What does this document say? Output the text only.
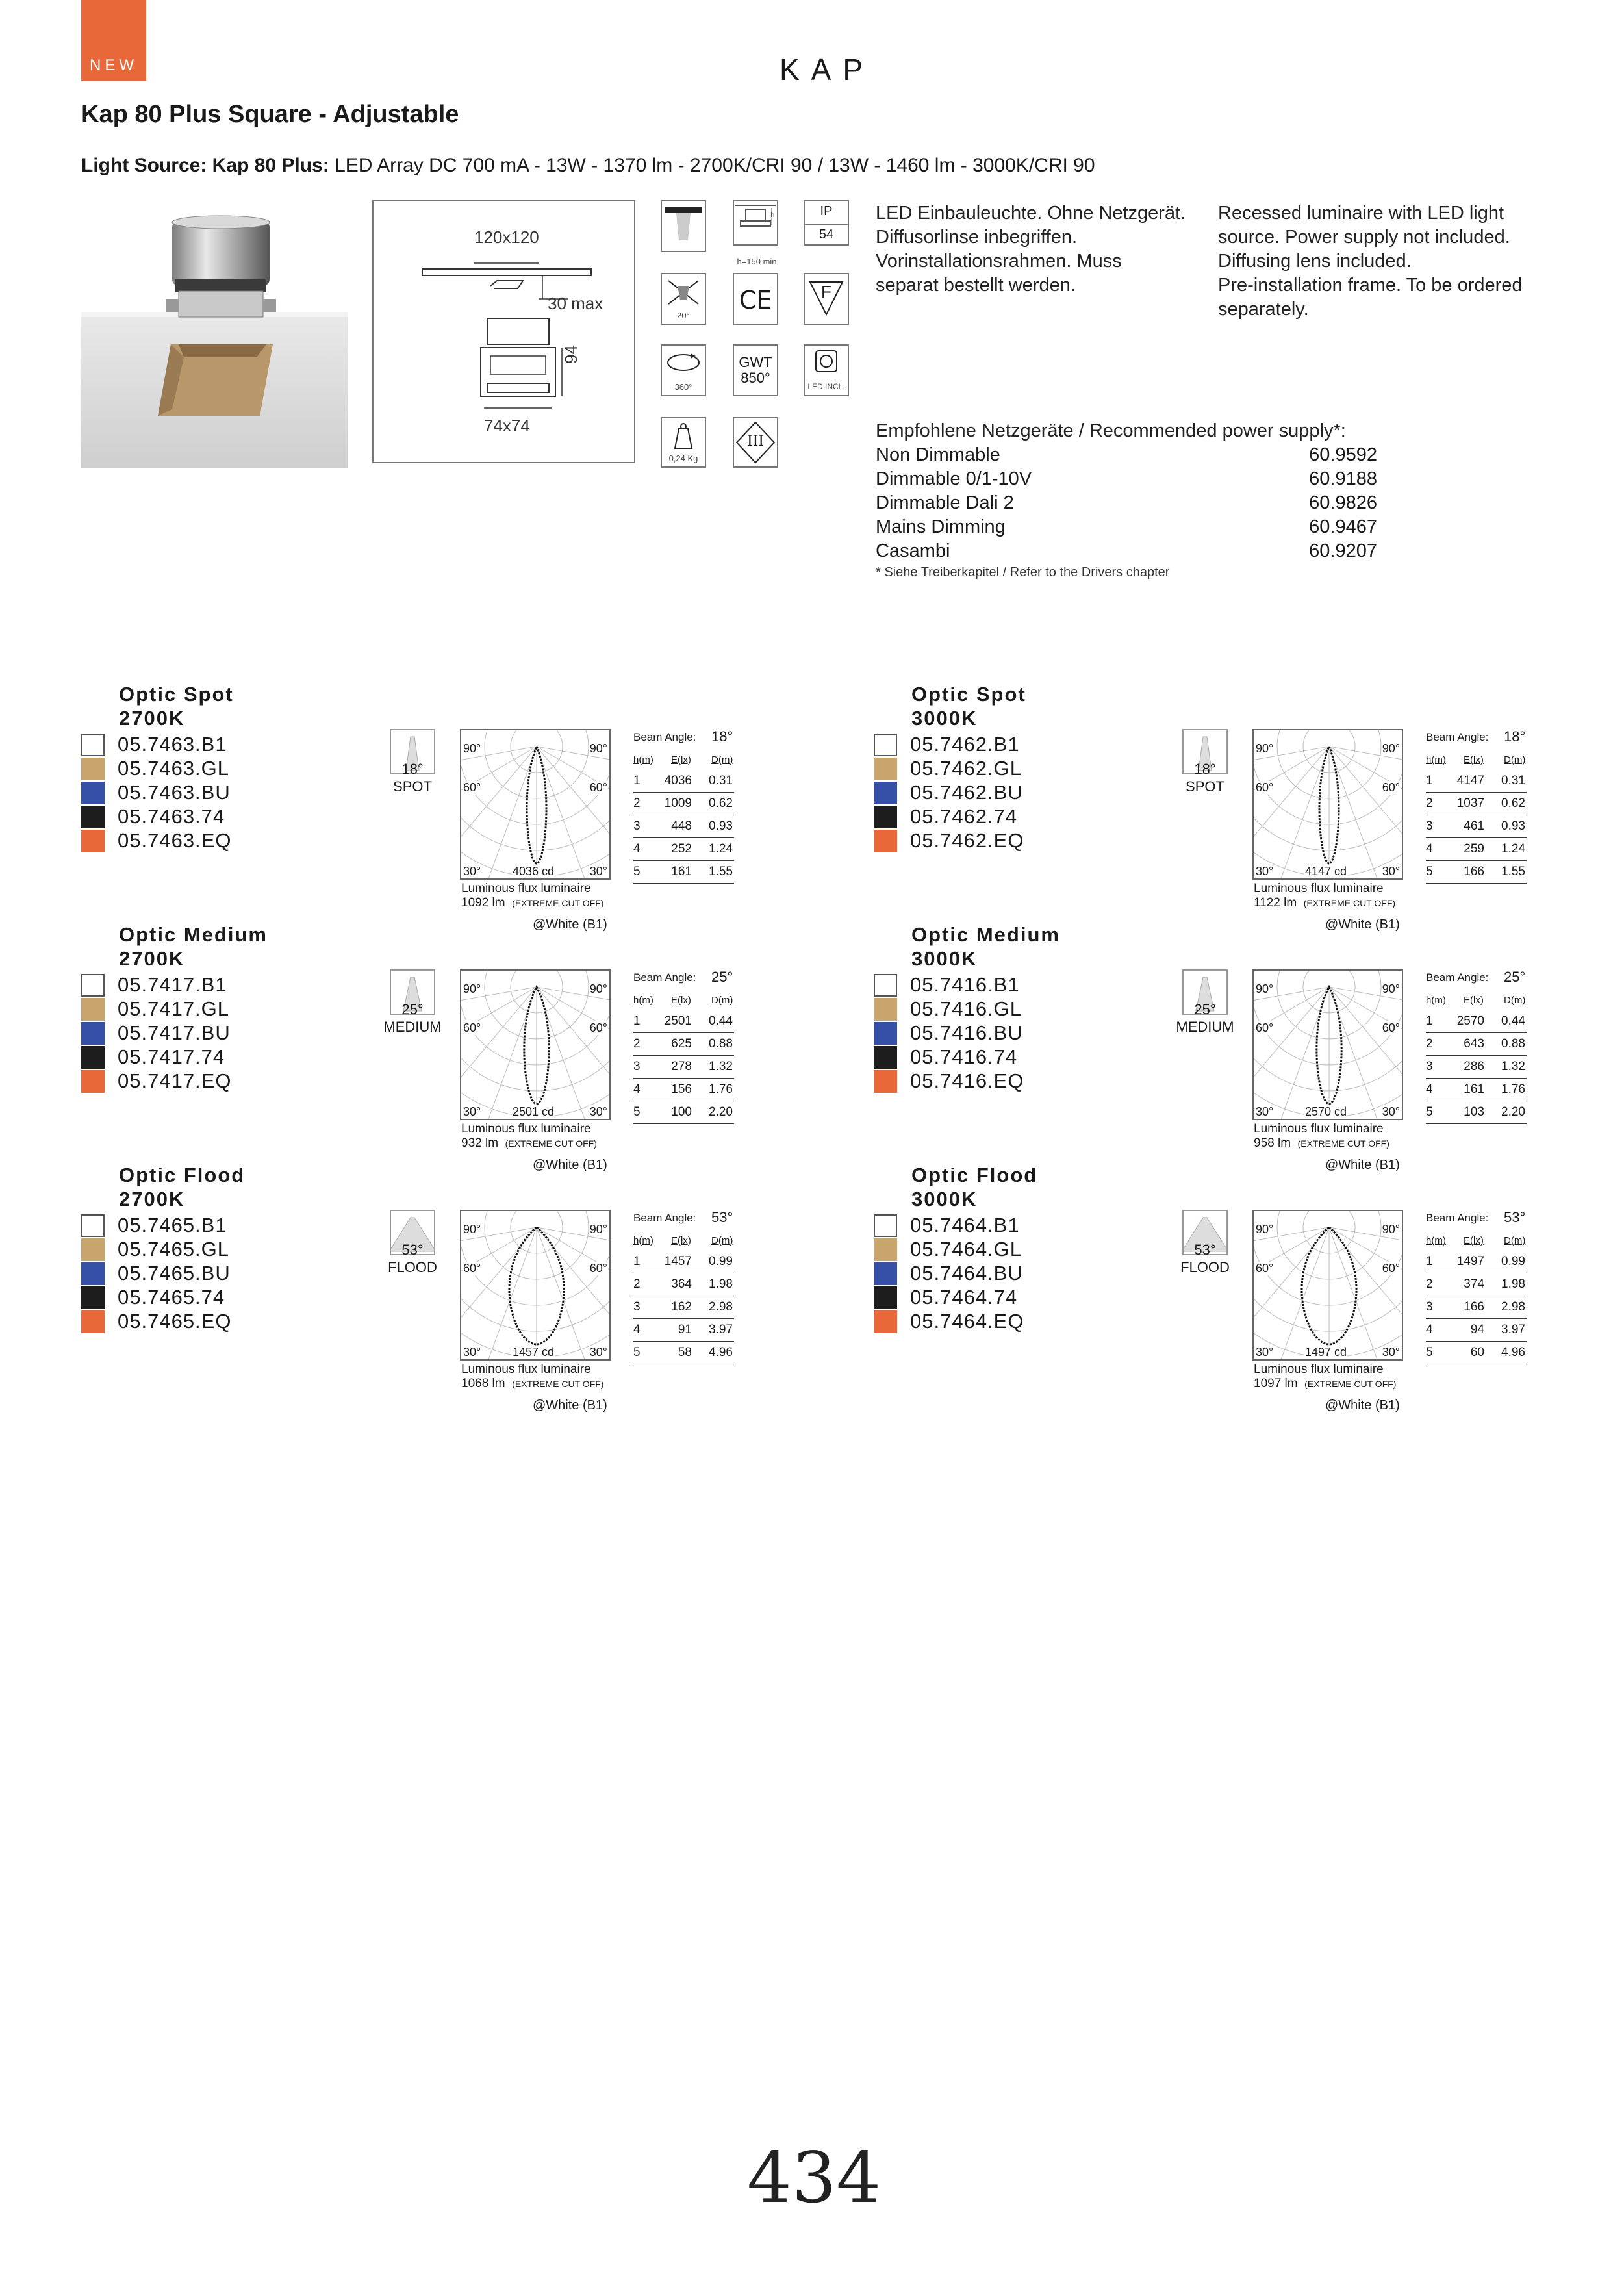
NEW	KAP
Kap 80 Plus Square - Adjustable
Light Source: Kap 80 Plus: LED Array DC 700 mA - 13W - 1370 lm - 2700K/CRI 90 / 13W - 1460 lm - 3000K/CRI 90
120x120
30 max
94
74x74
h
h=150 min
IP
54
20°
CE	F
360°
GWT
850°
LED INCL.
0,24 Kg
III
LED Einbauleuchte. Ohne Netzgerät.
Diffusorlinse inbegriffen.
Vorinstallationsrahmen. Muss
separat bestellt werden.
Recessed luminaire with LED light
source. Power supply not included.
Diffusing lens included.
Pre-installation frame. To be ordered
separately.
Empfohlene Netzgeräte / Recommended power supply*:
Non Dimmable	60.9592
Dimmable 0/1-10V	60.9188
Dimmable Dali 2	60.9826
Mains Dimming	60.9467
Casambi	60.9207
* Siehe Treiberkapitel / Refer to the Drivers chapter
Optic Spot
2700K
05.7463.B1
05.7463.GL
05.7463.BU
05.7463.74
05.7463.EQ
18°
SPOT
90°	90°
60°	60°
30°	30°
4036 cd
Luminous flux luminaire
1092 lm (EXTREME CUT OFF)
@White (B1)
Beam Angle: 18°
h(m) E(lx) D(m)
1	4036	0.31
2	1009	0.62
3	448	0.93
4	252	1.24
5	161	1.55
Optic Spot
3000K
05.7462.B1
05.7462.GL
05.7462.BU
05.7462.74
05.7462.EQ
18°
SPOT
90°	90°
60°	60°
30°	30°
4147 cd
Luminous flux luminaire
1122 lm (EXTREME CUT OFF)
@White (B1)
Beam Angle: 18°
h(m) E(lx) D(m)
1	4147	0.31
2	1037	0.62
3	461	0.93
4	259	1.24
5	166	1.55
Optic Medium
2700K
05.7417.B1
05.7417.GL
05.7417.BU
05.7417.74
05.7417.EQ
25°
MEDIUM
90°	90°
60°	60°
30°	30°
2501 cd
Luminous flux luminaire
932 lm (EXTREME CUT OFF)
@White (B1)
Beam Angle: 25°
h(m) E(lx) D(m)
1	2501	0.44
2	625	0.88
3	278	1.32
4	156	1.76
5	100	2.20
Optic Medium
3000K
05.7416.B1
05.7416.GL
05.7416.BU
05.7416.74
05.7416.EQ
25°
MEDIUM
90°	90°
60°	60°
30°	30°
2570 cd
Luminous flux luminaire
958 lm (EXTREME CUT OFF)
@White (B1)
Beam Angle: 25°
h(m) E(lx) D(m)
1	2570	0.44
2	643	0.88
3	286	1.32
4	161	1.76
5	103	2.20
Optic Flood
2700K
05.7465.B1
05.7465.GL
05.7465.BU
05.7465.74
05.7465.EQ
53°
FLOOD
90°	90°
60°	60°
30°	30°
1457 cd
Luminous flux luminaire
1068 lm (EXTREME CUT OFF)
@White (B1)
Beam Angle: 53°
h(m) E(lx) D(m)
1	1457	0.99
2	364	1.98
3	162	2.98
4	91	3.97
5	58	4.96
Optic Flood
3000K
05.7464.B1
05.7464.GL
05.7464.BU
05.7464.74
05.7464.EQ
53°
FLOOD
90°	90°
60°	60°
30°	30°
1497 cd
Luminous flux luminaire
1097 lm (EXTREME CUT OFF)
@White (B1)
Beam Angle: 53°
h(m) E(lx) D(m)
1	1497	0.99
2	374	1.98
3	166	2.98
4	94	3.97
5	60	4.96
434
